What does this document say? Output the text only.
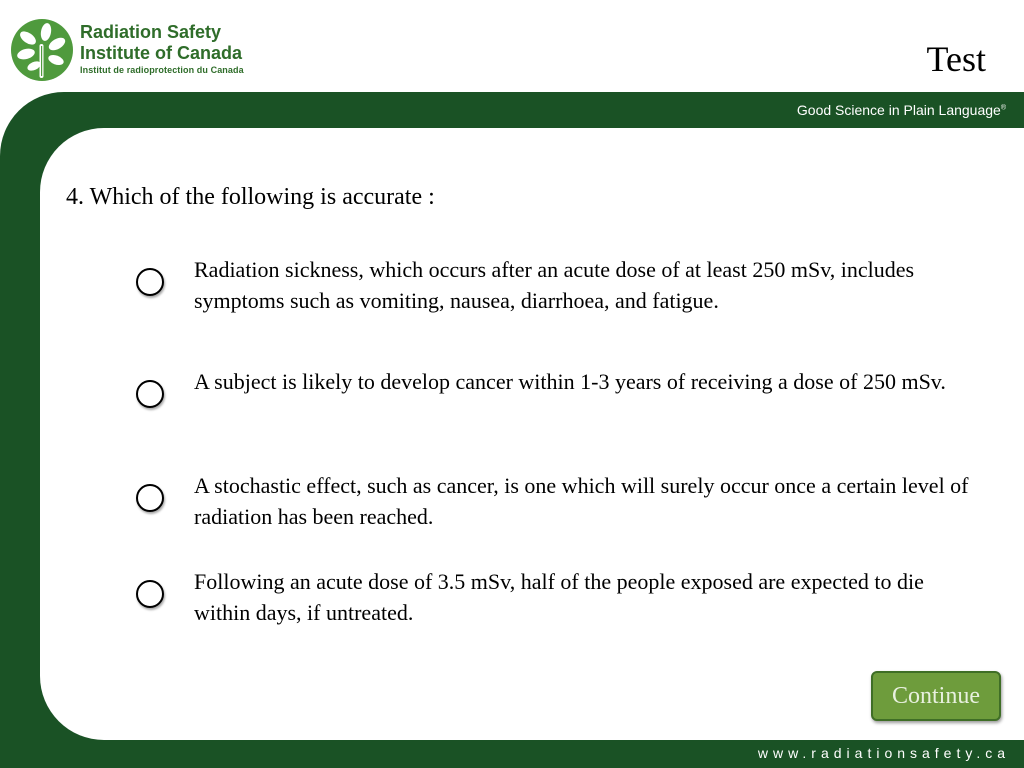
Radiation Safety
Institute of Canada
Institut de radioprotection du Canada	Test
Good Science in Plain Language®
www.radiationsafety.ca
4. Which of the following is accurate :
Radiation sickness, which occurs after an acute dose of at least 250 mSv, includes symptoms such as vomiting, nausea, diarrhoea, and fatigue.
A subject is likely to develop cancer within 1-3 years of receiving a dose of 250 mSv.
A stochastic effect, such as cancer, is one which will surely occur once a certain level of radiation has been reached.
Following an acute dose of 3.5 mSv, half of the people exposed are expected to die within days, if untreated.
Continue
